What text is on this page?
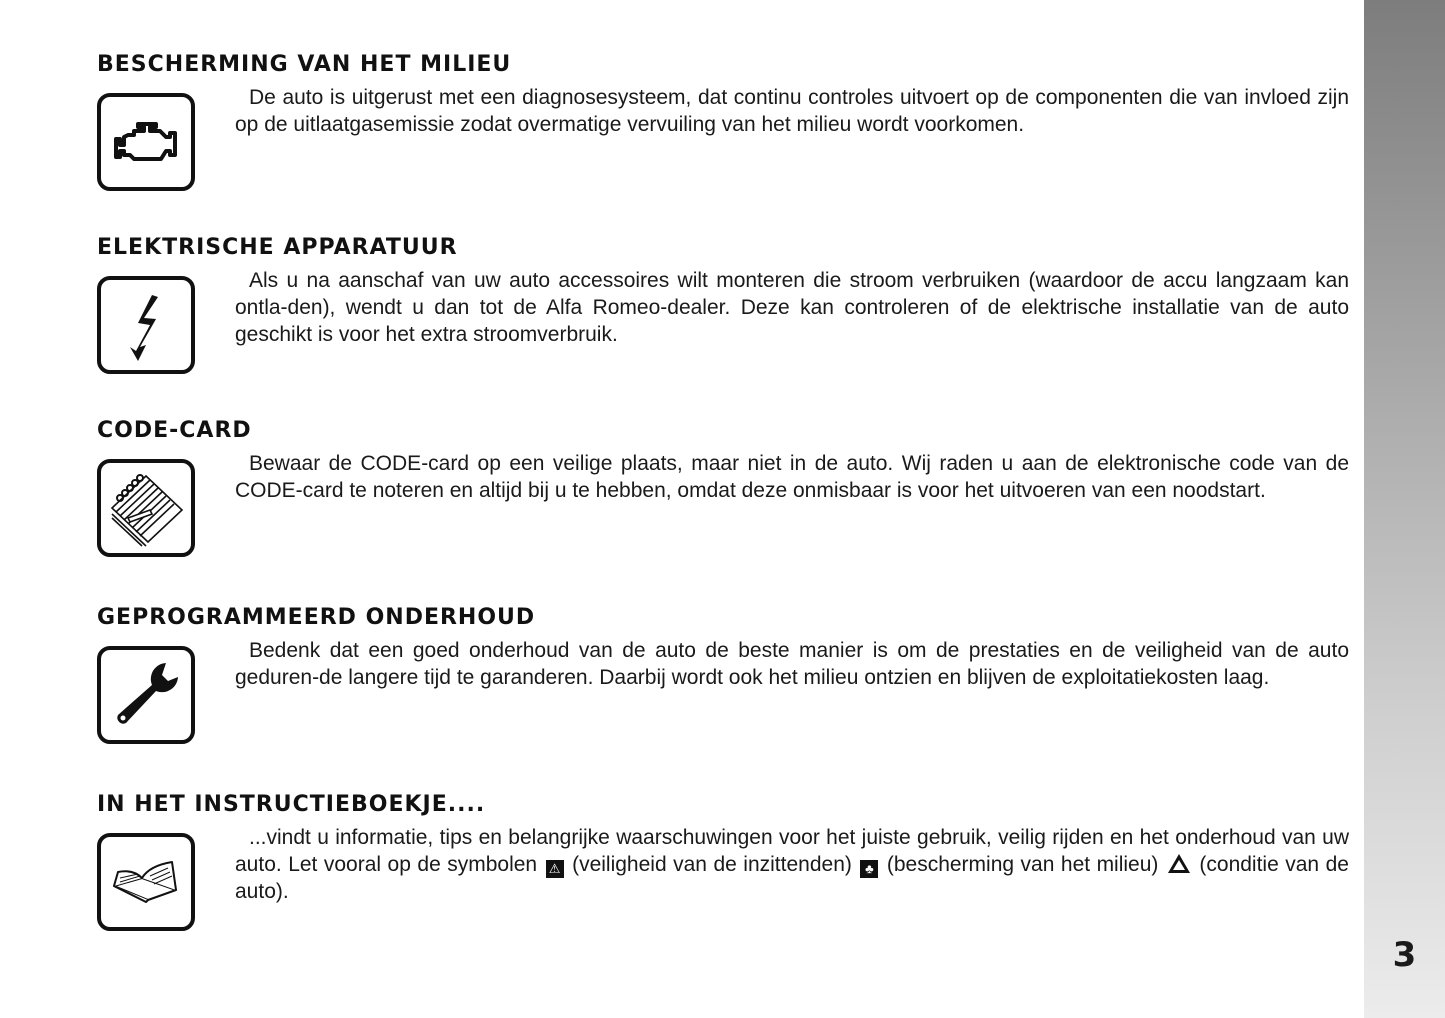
3
BESCHERMING VAN HET MILIEU

De auto is uitgerust met een diagnosesysteem, dat continu controles uitvoert op de componenten die van invloed zijn op de uitlaatgasemissie zodat overmatige vervuiling van het milieu wordt voorkomen.

ELEKTRISCHE APPARATUUR

Als u na aanschaf van uw auto accessoires wilt monteren die stroom verbruiken (waardoor de accu langzaam kan ontla-den), wendt u dan tot de Alfa Romeo-dealer. Deze kan controleren of de elektrische installatie van de auto geschikt is voor het extra stroomverbruik.

CODE-CARD

Bewaar de CODE-card op een veilige plaats, maar niet in de auto. Wij raden u aan de elektronische code van de CODE-card te noteren en altijd bij u te hebben, omdat deze onmisbaar is voor het uitvoeren van een noodstart.

GEPROGRAMMEERD ONDERHOUD

Bedenk dat een goed onderhoud van de auto de beste manier is om de prestaties en de veiligheid van de auto geduren-de langere tijd te garanderen. Daarbij wordt ook het milieu ontzien en blijven de exploitatiekosten laag.

IN HET INSTRUCTIEBOEKJE....

...vindt u informatie, tips en belangrijke waarschuwingen voor het juiste gebruik, veilig rijden en het onderhoud van uw auto. Let vooral op de symbolen ⚠ (veiligheid van de inzittenden) ♣ (bescherming van het milieu) (conditie van de auto).
